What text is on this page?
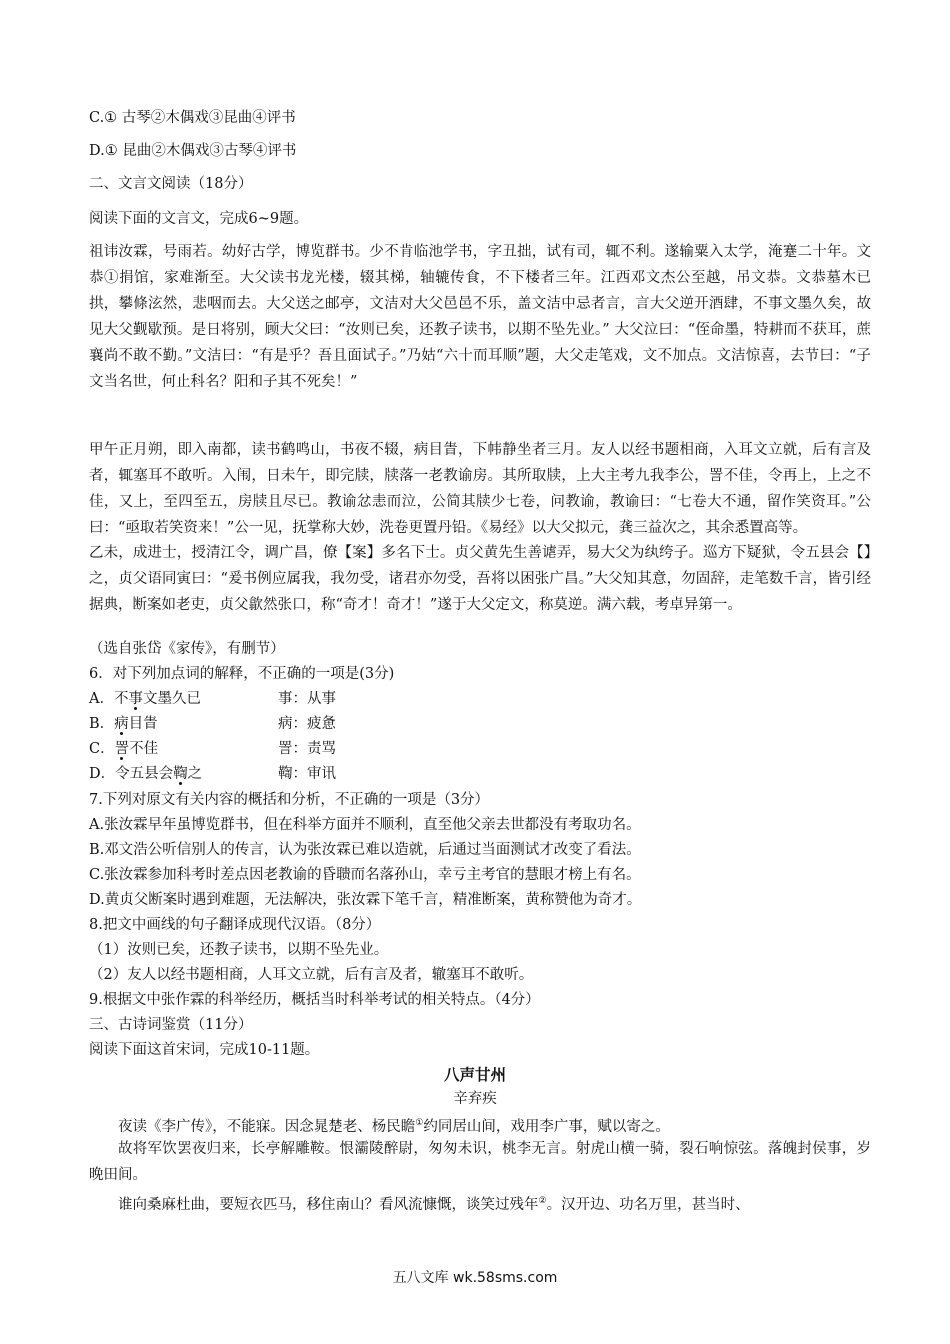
C.① 古琴②木偶戏③昆曲④评书
D.① 昆曲②木偶戏③古琴④评书
二、文言文阅读（18分）
阅读下面的文言文，完成6~9题。
祖讳汝霖，号雨若。幼好古学，博览群书。少不肯临池学书，字丑拙，试有司，辄不利。遂输粟入太学，淹蹇二十年。文恭①捐馆，家难渐至。大父读书龙光楼，辍其梯，轴辘传食，不下楼者三年。江西邓文杰公至越，吊文恭。文恭墓木已拱，攀條泫然，悲咽而去。大父送之邮亭，文洁对大父邑邑不乐，盖文洁中忌者言，言大父逆开酒肆，不事文墨久矣，故见大父觐歇预。是日将别，顾大父曰：“汝则已矣，还教子读书，以期不坠先业。” 大父泣曰：“侄命墨，特耕而不获耳，蔗襄尚不敢不勤。”文洁曰：“有是乎？吾且面试子。”乃姑“六十而耳顺”题，大父走笔戏，文不加点。文洁惊喜，去节曰：“子文当名世，何止科名？阳和子其不死矣！”
甲午正月朔，即入南都，读书鹤鸣山，书夜不辍，病目眚，下帏静坐者三月。友人以经书题相商，入耳文立就，后有言及者，辄塞耳不敢听。入闱，日未午，即完牍，牍落一老教谕房。其所取牍，上大主考九我李公，詈不佳，令再上，上之不佳，又上，至四至五，房牍且尽已。教谕忿恚而泣，公简其牍少七卷，问教谕，教谕曰：“七卷大不通，留作笑资耳。”公曰：“亟取若笑资来！”公一见，抚掌称大妙，洗卷更置丹铅。《易经》以大父拟元，龚三益次之，其余悉置高等。
乙未，成进士，授清江令，调广昌，僚【案】多名下士。贞父黄先生善谑弄，易大父为纨绔子。巡方下疑狱，令五县会【】之，贞父语同寅曰：“爰书例应属我，我勿受，诸君亦勿受，吾将以困张广昌。”大父知其意，勿固辞，走笔数千言，皆引经据典，断案如老吏，贞父歙然张口，称“奇才！奇才！”遂于大父定文，称莫逆。满六载，考卓异第一。
（选自张岱《家传》，有删节）
6．对下列加点词的解释，不正确的一项是(3分)
A．不事文墨久已	事：从事
B．病目眚	病：疲惫
C．詈不佳	詈：责骂
D．令五县会鞫之	鞫：审讯
7.下列对原文有关内容的概括和分析，不正确的一项是（3分）
A.张汝霖早年虽博览群书，但在科举方面并不顺利，直至他父亲去世都没有考取功名。
B.邓文浩公听信别人的传言，认为张汝霖已难以造就，后通过当面测试才改变了看法。
C.张汝霖参加科考时差点因老教谕的昏聩而名落孙山，幸亏主考官的慧眼才榜上有名。
D.黄贞父断案时遇到难题，无法解决，张汝霖下笔千言，精准断案，黄称赞他为奇才。
8.把文中画线的句子翻译成现代汉语。（8分）
（1）汝则已矣，还教子读书，以期不坠先业。
（2）友人以经书题相商，人耳文立就，后有言及者，辙塞耳不敢听。
9.根据文中张作霖的科举经历，概括当时科举考试的相关特点。（4分）
三、古诗词鉴赏（11分）
阅读下面这首宋词，完成10-11题。
八声甘州
辛弃疾
夜读《李广传》，不能寐。因念晁楚老、杨民瞻①约同居山间，戏用李广事，赋以寄之。
故将军饮罢夜归来，长亭解雕鞍。恨灞陵醉尉，匆匆未识，桃李无言。射虎山横一骑，裂石响惊弦。落魄封侯事，岁晚田间。
谁向桑麻杜曲，要短衣匹马，移住南山？看风流慷慨，谈笑过残年②。汉开边、功名万里，甚当时、
五八文库 wk.58sms.com
